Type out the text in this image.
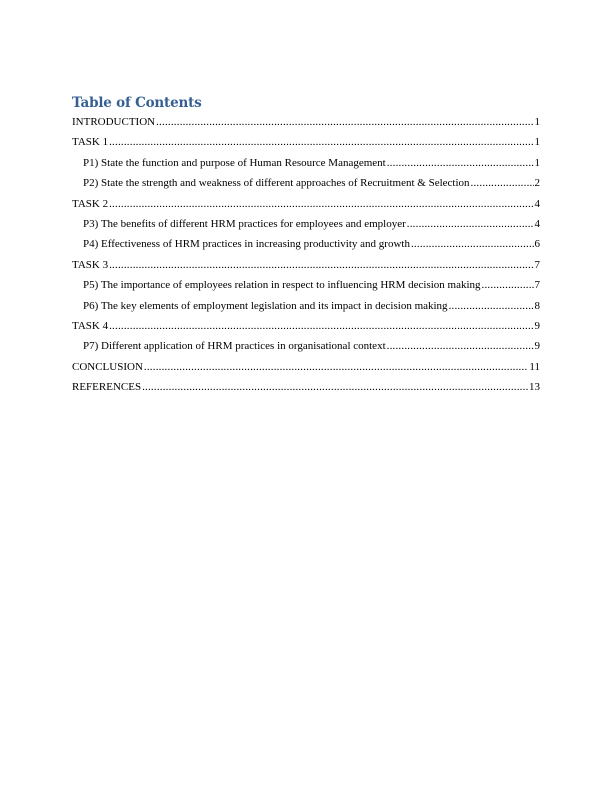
Table of Contents
INTRODUCTION .....	1
TASK 1 .....	1
P1) State the function and purpose of Human Resource Management .....	1
P2) State the strength and weakness of different approaches of Recruitment & Selection .....	2
TASK 2 .....	4
P3) The benefits of different HRM practices for employees and employer .....	4
P4) Effectiveness of HRM practices in increasing productivity and growth .....	6
TASK 3 .....	7
P5) The importance of employees relation in respect to influencing HRM decision making .....	7
P6) The key elements of employment legislation and its impact in decision making .....	8
TASK 4 .....	9
P7) Different application of HRM practices in organisational context .....	9
CONCLUSION .....	11
REFERENCES .....	13
